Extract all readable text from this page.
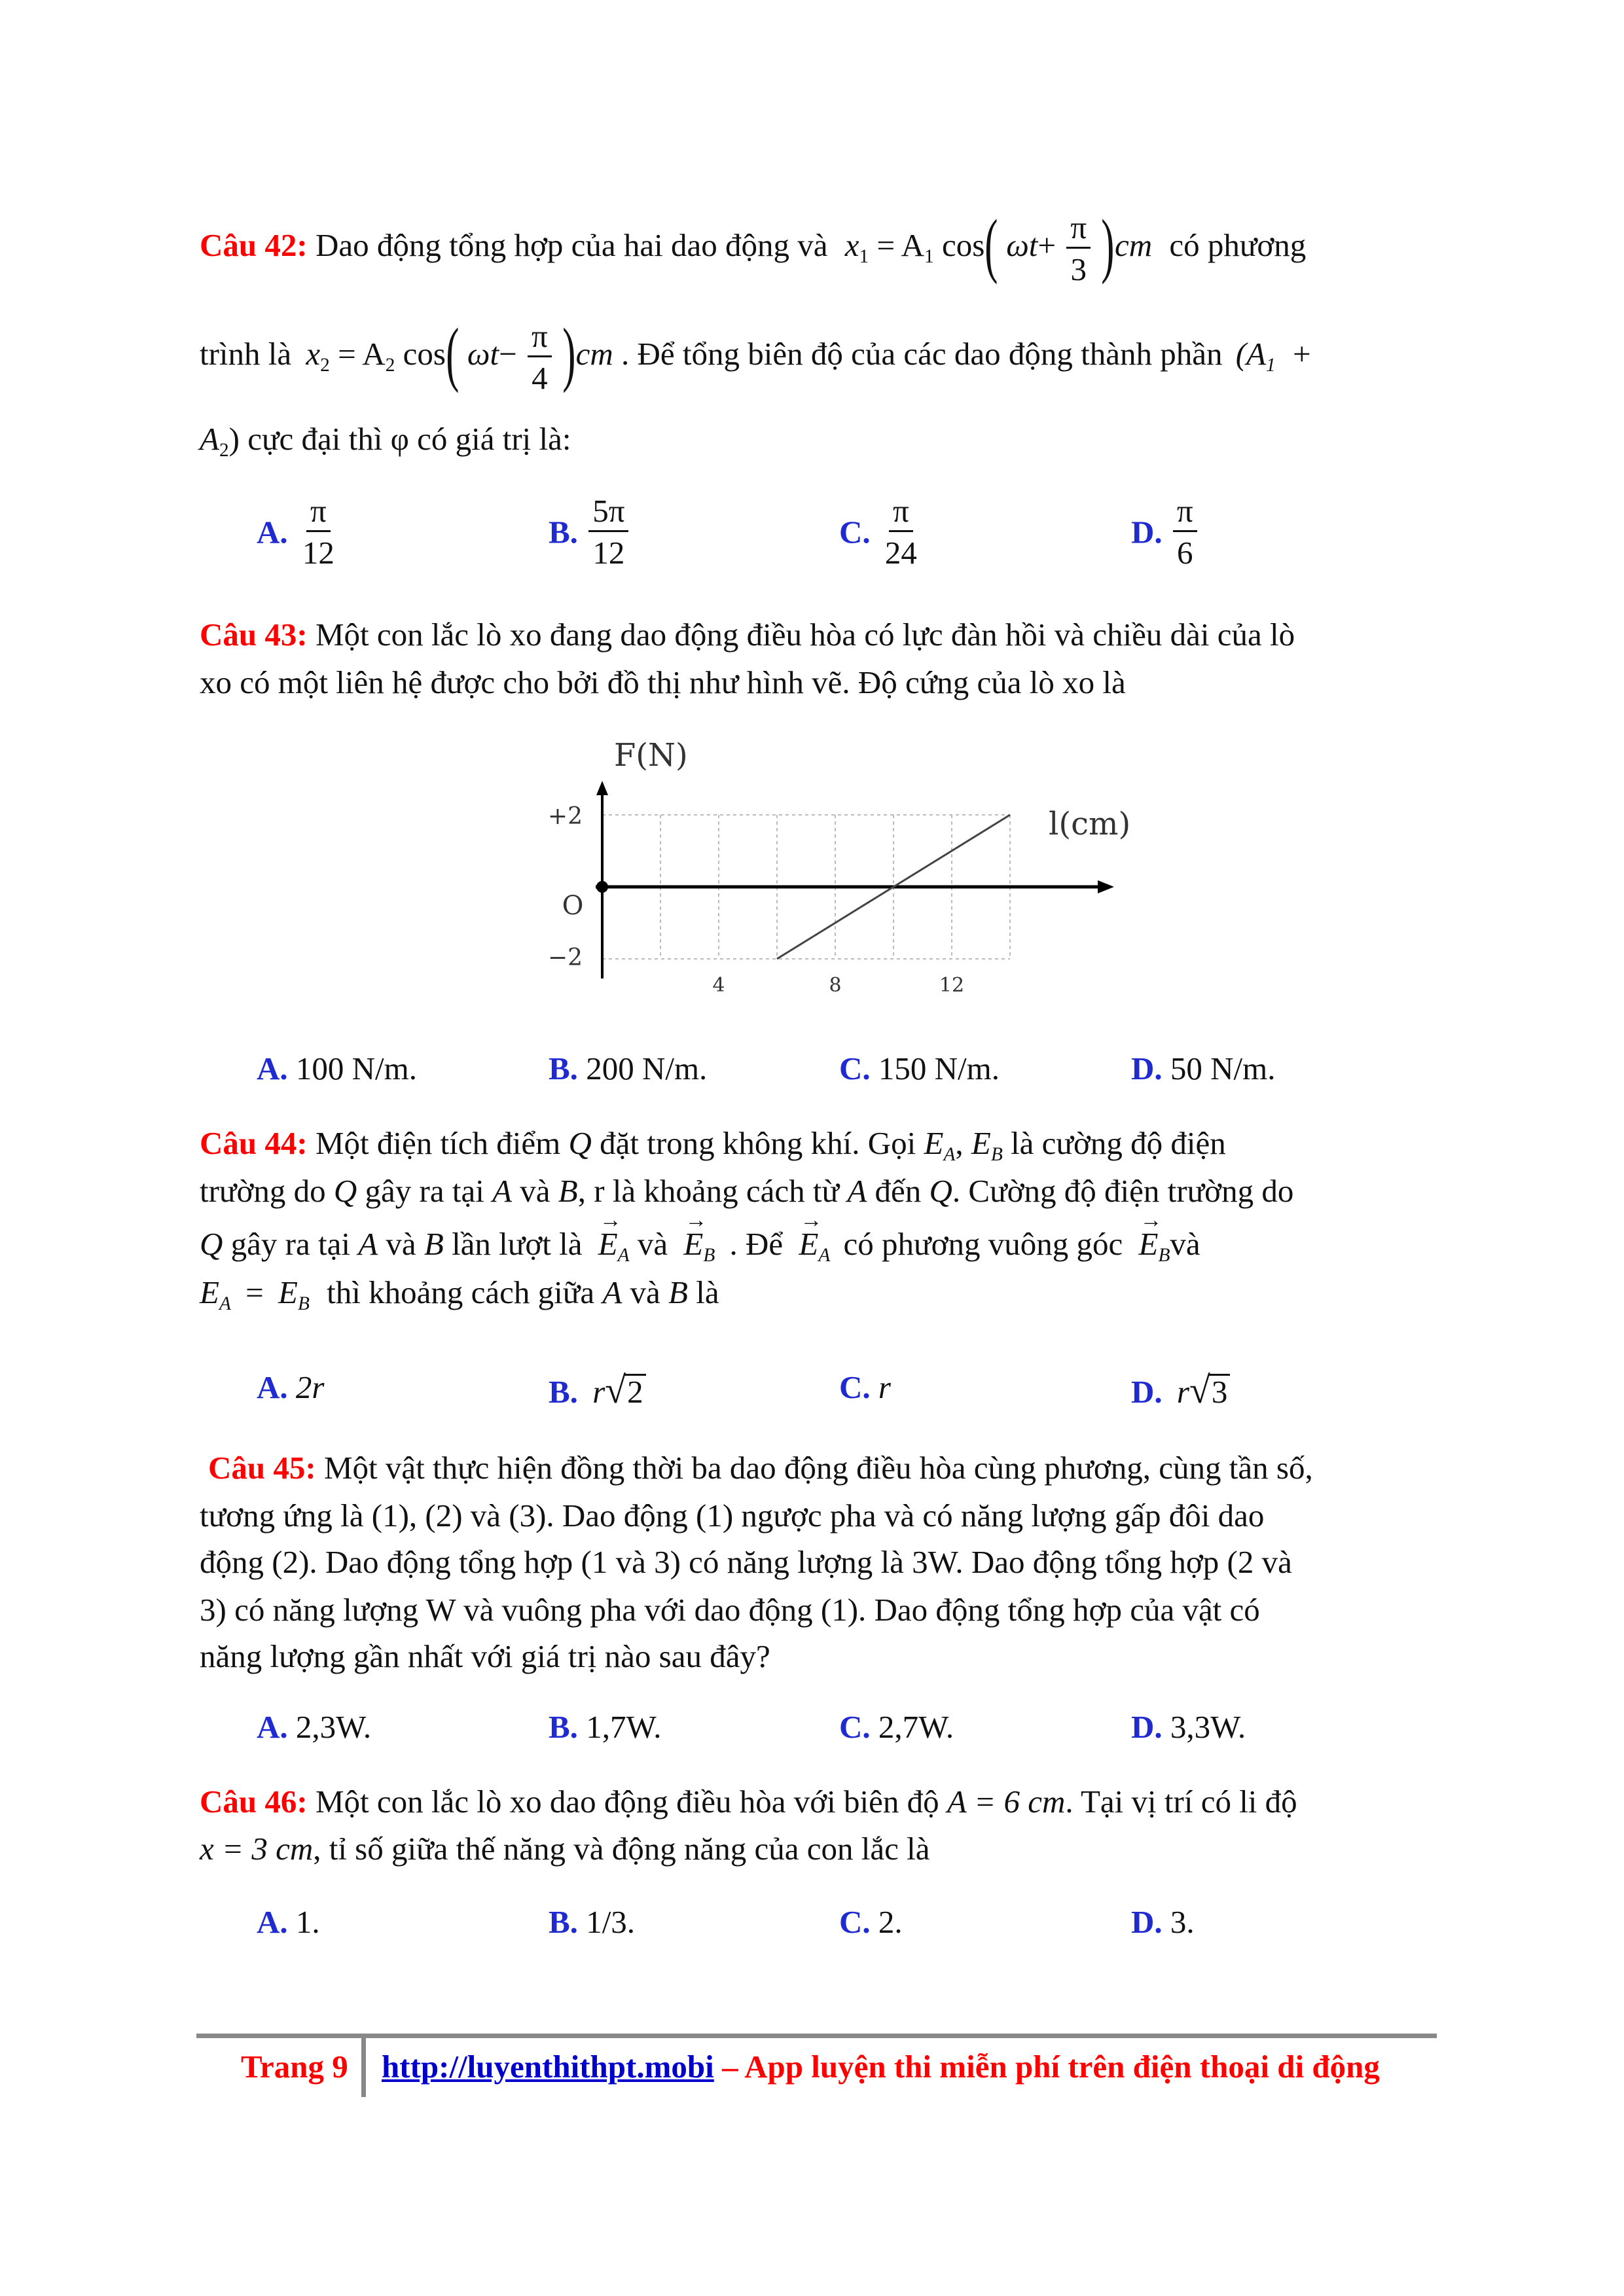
Câu 42: Dao động tổng hợp của hai dao động và $x_1 = A_1$ cos( $\omega t+ \frac{\pi}{3} )cm$ có phương
trình là $x_2 = A_2$ cos( $\omega t- \frac{\pi}{4} )cm$ . Để tổng biên độ của các dao động thành phần ($A_1$ +
$A_2$) cực đại thì φ có giá trị là:
A. $\frac{\pi}{12}$	B. $\frac{5\pi}{12}$	C. $\frac{\pi}{24}$	D. $\frac{\pi}{6}$
Câu 43: Một con lắc lò xo đang dao động điều hòa có lực đàn hồi và chiều dài của lò
xo có một liên hệ được cho bởi đồ thị như hình vẽ. Độ cứng của lò xo là
F(N)
l(cm)
O
+2
−2
4	8	12
A. 100 N/m.	B. 200 N/m.	C. 150 N/m.	D. 50 N/m.
Câu 44: Một điện tích điểm Q đặt trong không khí. Gọi $E_A$, $E_B$ là cường độ điện
trường do Q gây ra tại A và B, r là khoảng cách từ A đến Q. Cường độ điện trường do
Q gây ra tại A và B lần lượt là → $E_A$ và → $E_B$ . Để → $E_A$ có phương vuông góc → $E_Bvà$
$E_A = E_B$ thì khoảng cách giữa A và B là
A. 2r	B. r√2	C. r	D. r√3
Câu 45: Một vật thực hiện đồng thời ba dao động điều hòa cùng phương, cùng tần số,
tương ứng là (1), (2) và (3). Dao động (1) ngược pha và có năng lượng gấp đôi dao
động (2). Dao động tổng hợp (1 và 3) có năng lượng là 3W. Dao động tổng hợp (2 và
3) có năng lượng W và vuông pha với dao động (1). Dao động tổng hợp của vật có
năng lượng gần nhất với giá trị nào sau đây?
A. 2,3W.	B. 1,7W.	C. 2,7W.	D. 3,3W.
Câu 46: Một con lắc lò xo dao động điều hòa với biên độ A = 6 cm. Tại vị trí có li độ
x = 3 cm, tỉ số giữa thế năng và động năng của con lắc là
A. 1.	B. 1/3.	C. 2.	D. 3.
Trang 9 http://luyenthithpt.mobi – App luyện thi miễn phí trên điện thoại di động
